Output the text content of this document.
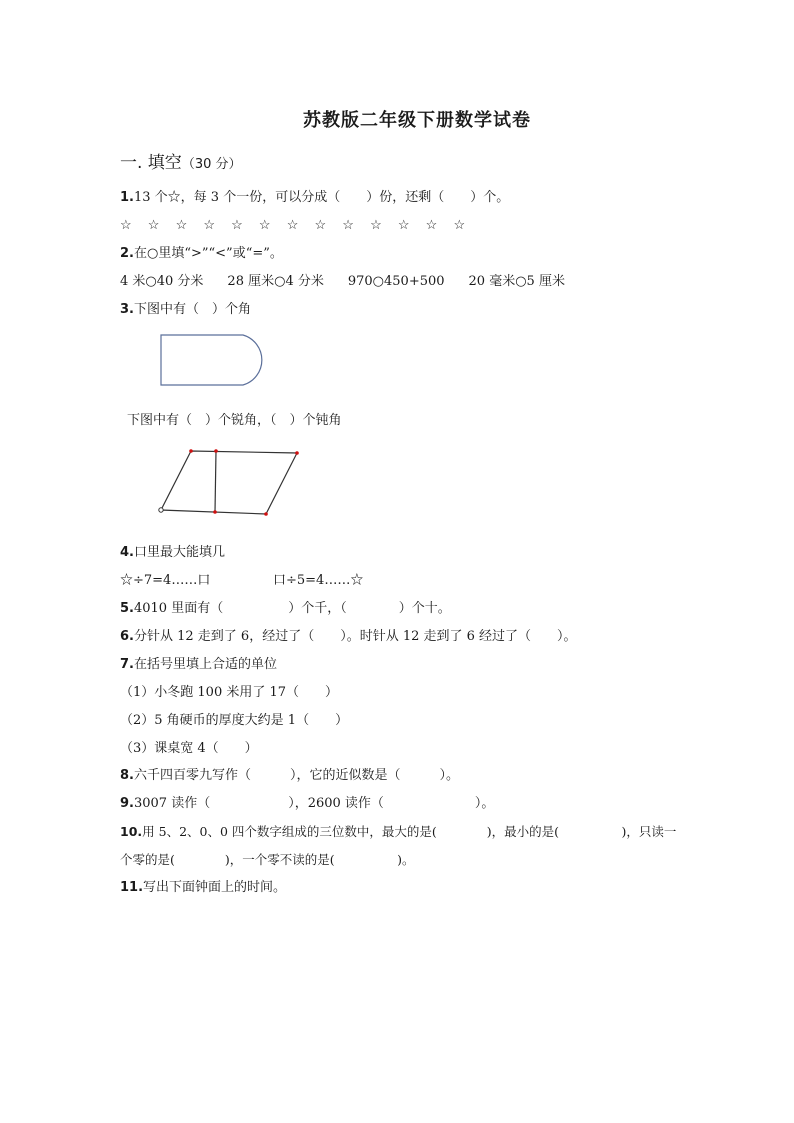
苏教版二年级下册数学试卷
一. 填空（30 分）
1.13 个☆，每 3 个一份，可以分成（　　）份，还剩（　　）个。
☆ ☆ ☆ ☆ ☆ ☆ ☆ ☆ ☆ ☆ ☆ ☆ ☆
2.在○里填“>”“<”或“=”。
4 米○40 分米 28 厘米○4 分米 970○450+500 20 毫米○5 厘米
3.下图中有（　）个角
下图中有（　）个锐角，（　）个钝角
4.口里最大能填几
☆÷7=4……口	口÷5=4……☆
5.4010 里面有（　　　　　）个千，（　　　　）个十。
6.分针从 12 走到了 6，经过了（　　）。时针从 12 走到了 6 经过了（　　）。
7.在括号里填上合适的单位
（1）小冬跑 100 米用了 17（　　）
（2）5 角硬币的厚度大约是 1（　　）
（3）课桌宽 4（　　）
8.六千四百零九写作（　　　），它的近似数是（　　　）。
9.3007 读作（　　　　　　），2600 读作（　　　　　　　）。
10.用 5、2、0、0 四个数字组成的三位数中，最大的是(　　　　)，最小的是(　　　　　)，只读一
个零的是(　　　　)，一个零不读的是(　　　　　)。
11.写出下面钟面上的时间。
